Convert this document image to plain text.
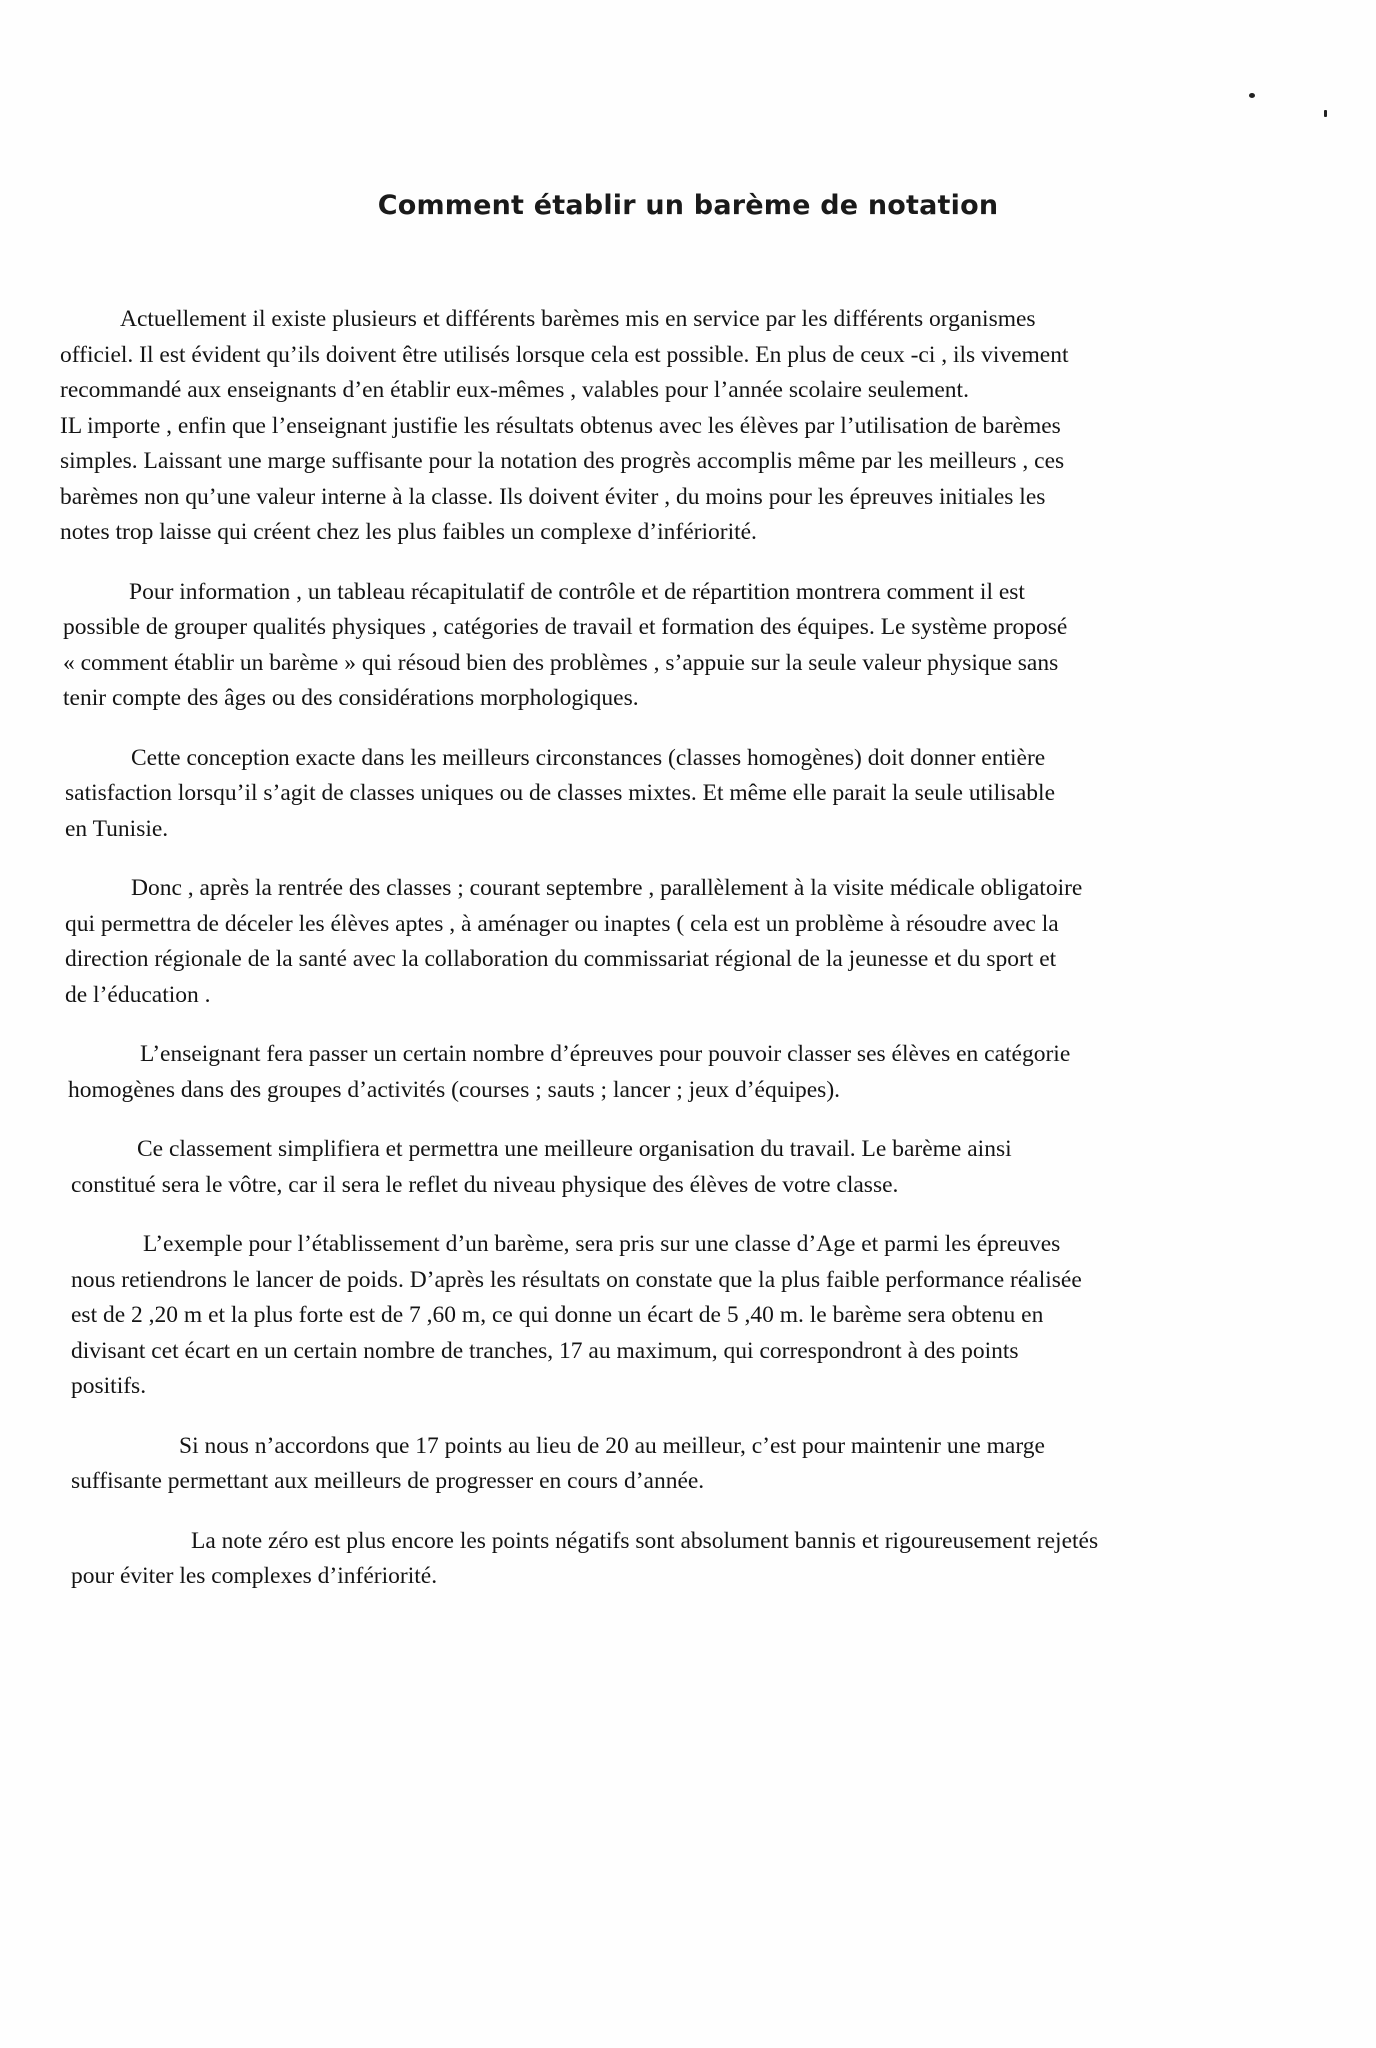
Comment établir un barème de notation

Actuellement il existe plusieurs et différents barèmes mis en service par les différents organismes
officiel. Il est évident qu’ils doivent être utilisés lorsque cela est possible. En plus de ceux -ci , ils vivement
recommandé aux enseignants d’en établir eux-mêmes , valables pour l’année scolaire seulement.
IL importe , enfin que l’enseignant justifie les résultats obtenus avec les élèves par l’utilisation de barèmes
simples. Laissant une marge suffisante pour la notation des progrès accomplis même par les meilleurs , ces
barèmes non qu’une valeur interne à la classe. Ils doivent éviter , du moins pour les épreuves initiales les
notes trop laisse qui créent chez les plus faibles un complexe d’infériorité.

Pour information , un tableau récapitulatif de contrôle et de répartition montrera comment il est
possible de grouper qualités physiques , catégories de travail et formation des équipes. Le système proposé
« comment établir un barème » qui résoud bien des problèmes , s’appuie sur la seule valeur physique sans
tenir compte des âges ou des considérations morphologiques.

Cette conception exacte dans les meilleurs circonstances (classes homogènes) doit donner entière
satisfaction lorsqu’il s’agit de classes uniques ou de classes mixtes. Et même elle parait la seule utilisable
en Tunisie.

Donc , après la rentrée des classes ; courant septembre , parallèlement à la visite médicale obligatoire
qui permettra de déceler les élèves aptes , à aménager ou inaptes ( cela est un problème à résoudre avec la
direction régionale de la santé avec la collaboration du commissariat régional de la jeunesse et du sport et
de l’éducation .

L’enseignant fera passer un certain nombre d’épreuves pour pouvoir classer ses élèves en catégorie
homogènes dans des groupes d’activités (courses ; sauts ; lancer ; jeux d’équipes).

Ce classement simplifiera et permettra une meilleure organisation du travail. Le barème ainsi
constitué sera le vôtre, car il sera le reflet du niveau physique des élèves de votre classe.

L’exemple pour l’établissement d’un barème, sera pris sur une classe d’Age et parmi les épreuves
nous retiendrons le lancer de poids. D’après les résultats on constate que la plus faible performance réalisée
est de 2 ,20 m et la plus forte est de 7 ,60 m, ce qui donne un écart de 5 ,40 m. le barème sera obtenu en
divisant cet écart en un certain nombre de tranches, 17 au maximum, qui correspondront à des points
positifs.

Si nous n’accordons que 17 points au lieu de 20 au meilleur, c’est pour maintenir une marge
suffisante permettant aux meilleurs de progresser en cours d’année.

La note zéro est plus encore les points négatifs sont absolument bannis et rigoureusement rejetés
pour éviter les complexes d’infériorité.
